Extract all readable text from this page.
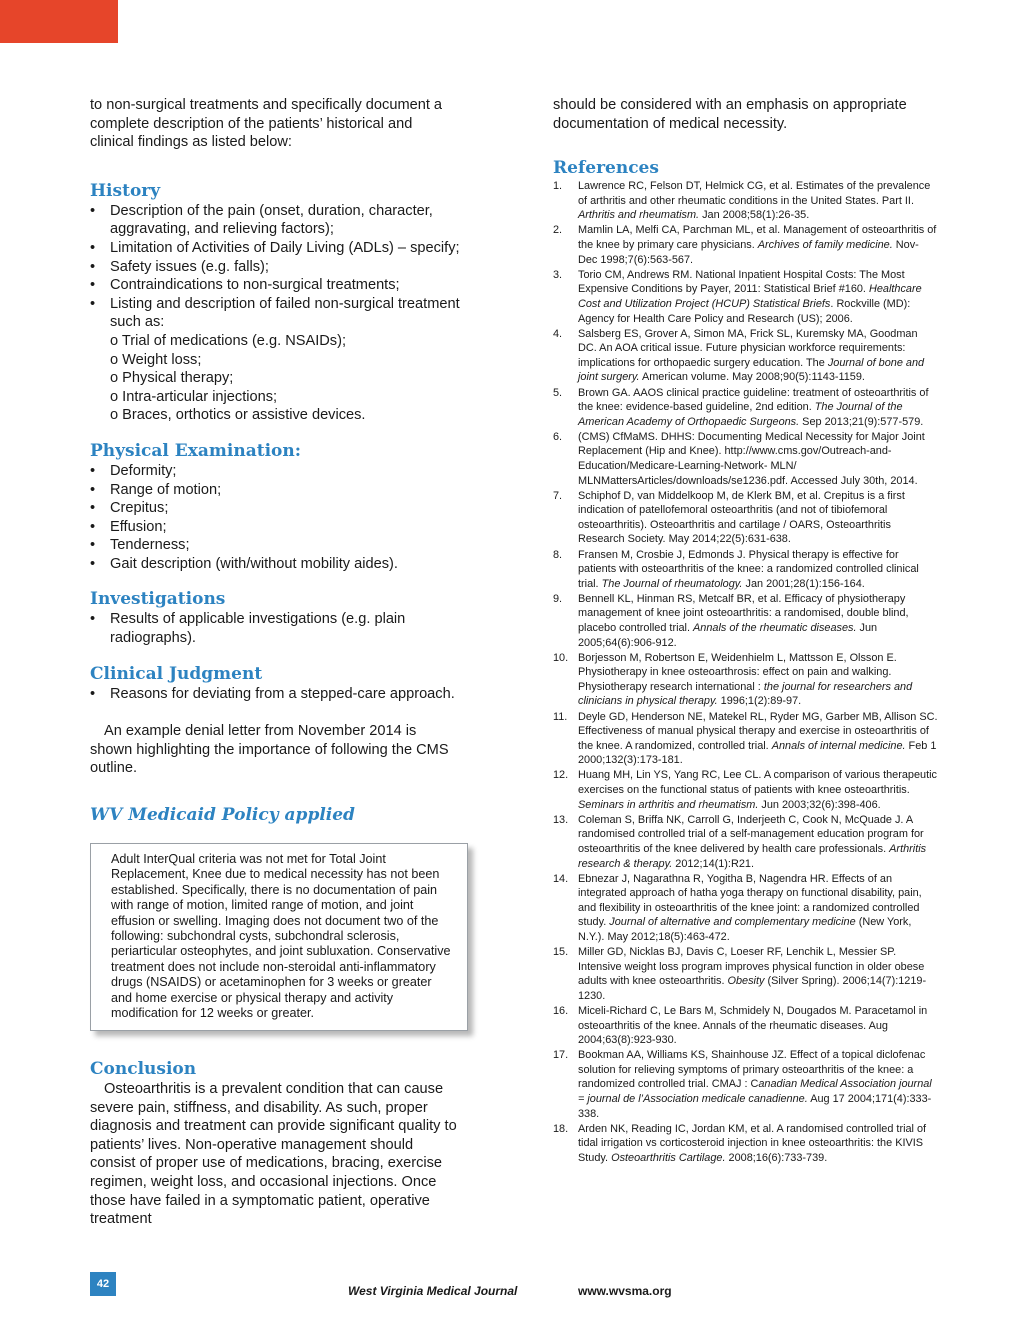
to non-surgical treatments and specifically document a complete description of the patients’ historical and clinical findings as listed below:

History
• Description of the pain (onset, duration, character, aggravating, and relieving factors);
• Limitation of Activities of Daily Living (ADLs) – specify;
• Safety issues (e.g. falls);
• Contraindications to non-surgical treatments;
• Listing and description of failed non-surgical treatment such as:
o Trial of medications (e.g. NSAIDs);
o Weight loss;
o Physical therapy;
o Intra-articular injections;
o Braces, orthotics or assistive devices.
Physical Examination:
• Deformity;
• Range of motion;
• Crepitus;
• Effusion;
• Tenderness;
• Gait description (with/without mobility aides).
Investigations
• Results of applicable investigations (e.g. plain radiographs).
Clinical Judgment
• Reasons for deviating from a stepped-care approach.

An example denial letter from November 2014 is shown highlighting the importance of following the CMS outline.

WV Medicaid Policy applied

Adult InterQual criteria was not met for Total Joint Replacement, Knee due to medical necessity has not been established. Specifically, there is no documentation of pain with range of motion, limited range of motion, and joint effusion or swelling. Imaging does not document two of the following: subchondral cysts, subchondral sclerosis, periarticular osteophytes, and joint subluxation. Conservative treatment does not include non-steroidal anti-inflammatory drugs (NSAIDS) or acetaminophen for 3 weeks or greater and home exercise or physical therapy and activity modification for 12 weeks or greater.

Conclusion

Osteoarthritis is a prevalent condition that can cause severe pain, stiffness, and disability. As such, proper diagnosis and treatment can provide significant quality to patients’ lives. Non-operative management should consist of proper use of medications, bracing, exercise regimen, weight loss, and occasional injections. Once those have failed in a symptomatic patient, operative treatment

should be considered with an emphasis on appropriate documentation of medical necessity.

References
1. Lawrence RC, Felson DT, Helmick CG, et al. Estimates of the prevalence of arthritis and other rheumatic conditions in the United States. Part II. Arthritis and rheumatism. Jan 2008;58(1):26-35.
2. Mamlin LA, Melfi CA, Parchman ML, et al. Management of osteoarthritis of the knee by primary care physicians. Archives of family medicine. Nov-Dec 1998;7(6):563-567.
3. Torio CM, Andrews RM. National Inpatient Hospital Costs: The Most Expensive Conditions by Payer, 2011: Statistical Brief #160. Healthcare Cost and Utilization Project (HCUP) Statistical Briefs. Rockville (MD): Agency for Health Care Policy and Research (US); 2006.
4. Salsberg ES, Grover A, Simon MA, Frick SL, Kuremsky MA, Goodman DC. An AOA critical issue. Future physician workforce requirements: implications for orthopaedic surgery education. The Journal of bone and joint surgery. American volume. May 2008;90(5):1143-1159.
5. Brown GA. AAOS clinical practice guideline: treatment of osteoarthritis of the knee: evidence-based guideline, 2nd edition. The Journal of the American Academy of Orthopaedic Surgeons. Sep 2013;21(9):577-579.
6. (CMS) CfMaMS. DHHS: Documenting Medical Necessity for Major Joint Replacement (Hip and Knee). http://www.cms.gov/Outreach-and- Education/Medicare-Learning-Network- MLN/ MLNMattersArticles/downloads/se1236.pdf. Accessed July 30th, 2014.
7. Schiphof D, van Middelkoop M, de Klerk BM, et al. Crepitus is a first indication of patellofemoral osteoarthritis (and not of tibiofemoral osteoarthritis). Osteoarthritis and cartilage / OARS, Osteoarthritis Research Society. May 2014;22(5):631-638.
8. Fransen M, Crosbie J, Edmonds J. Physical therapy is effective for patients with osteoarthritis of the knee: a randomized controlled clinical trial. The Journal of rheumatology. Jan 2001;28(1):156-164.
9. Bennell KL, Hinman RS, Metcalf BR, et al. Efficacy of physiotherapy management of knee joint osteoarthritis: a randomised, double blind, placebo controlled trial. Annals of the rheumatic diseases. Jun 2005;64(6):906-912.
10. Borjesson M, Robertson E, Weidenhielm L, Mattsson E, Olsson E. Physiotherapy in knee osteoarthrosis: effect on pain and walking. Physiotherapy research international : the journal for researchers and clinicians in physical therapy. 1996;1(2):89-97.
11. Deyle GD, Henderson NE, Matekel RL, Ryder MG, Garber MB, Allison SC. Effectiveness of manual physical therapy and exercise in osteoarthritis of the knee. A randomized, controlled trial. Annals of internal medicine. Feb 1 2000;132(3):173-181.
12. Huang MH, Lin YS, Yang RC, Lee CL. A comparison of various therapeutic exercises on the functional status of patients with knee osteoarthritis. Seminars in arthritis and rheumatism. Jun 2003;32(6):398-406.
13. Coleman S, Briffa NK, Carroll G, Inderjeeth C, Cook N, McQuade J. A randomised controlled trial of a self-management education program for osteoarthritis of the knee delivered by health care professionals. Arthritis research & therapy. 2012;14(1):R21.
14. Ebnezar J, Nagarathna R, Yogitha B, Nagendra HR. Effects of an integrated approach of hatha yoga therapy on functional disability, pain, and flexibility in osteoarthritis of the knee joint: a randomized controlled study. Journal of alternative and complementary medicine (New York, N.Y.). May 2012;18(5):463-472.
15. Miller GD, Nicklas BJ, Davis C, Loeser RF, Lenchik L, Messier SP. Intensive weight loss program improves physical function in older obese adults with knee osteoarthritis. Obesity (Silver Spring). 2006;14(7):1219-1230.
16. Miceli-Richard C, Le Bars M, Schmidely N, Dougados M. Paracetamol in osteoarthritis of the knee. Annals of the rheumatic diseases. Aug 2004;63(8):923-930.
17. Bookman AA, Williams KS, Shainhouse JZ. Effect of a topical diclofenac solution for relieving symptoms of primary osteoarthritis of the knee: a randomized controlled trial. CMAJ : Canadian Medical Association journal = journal de l’Association medicale canadienne. Aug 17 2004;171(4):333-338.
18. Arden NK, Reading IC, Jordan KM, et al. A randomised controlled trial of tidal irrigation vs corticosteroid injection in knee osteoarthritis: the KIVIS Study. Osteoarthritis Cartilage. 2008;16(6):733-739.
42	West Virginia Medical Journal	www.wvsma.org
